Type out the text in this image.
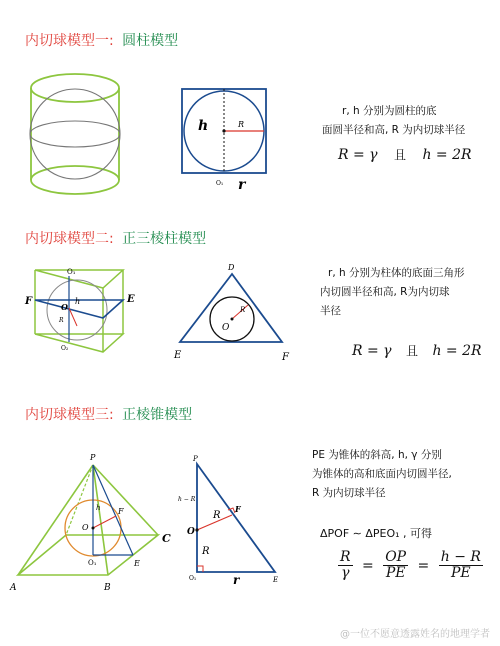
内切球模型一: 圆柱模型
h	R
O₁ r
r, h 分别为圆柱的底
面圆半径和高, R 为内切球半径
R = γ 且 h = 2R
内切球模型二: 正三棱柱模型
F	E
O₁
O
h
R
O₂
D
E	F
O
R
r, h 分别为柱体的底面三角形
内切圆半径和高, R为内切球
半径
R = γ 且 h = 2R
内切球模型三: 正棱锥模型
P
A	B
C
E
F
O
O₁
h
P
h − R
O
R
R
F
O₁	r	E
PE 为锥体的斜高, h, γ 分别
为锥体的高和底面内切圆半径,
R 为内切球半径
ΔPOF ∼ ΔPEO₁ , 可得
$\frac{R}{\gamma} = \frac{OP}{PE} = \frac{h - R}{PE}$
@一位不愿意透露姓名的地理学者
